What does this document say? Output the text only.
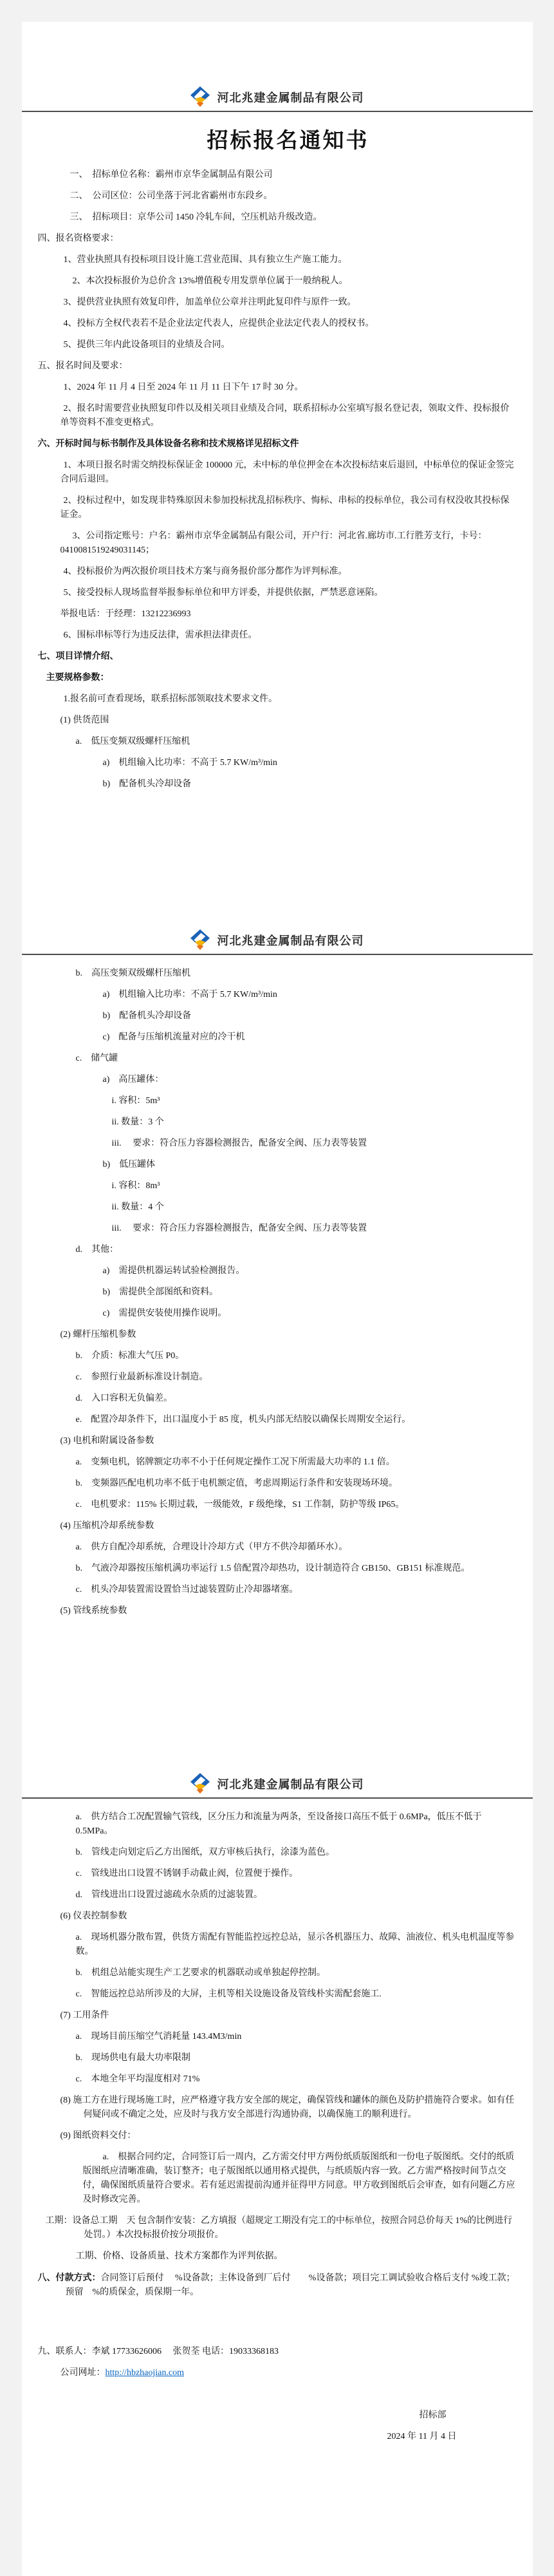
河北兆建金属制品有限公司
招标报名通知书

一、　招标单位名称：霸州市京华金属制品有限公司

二、　公司区位：公司坐落于河北省霸州市东段乡。

三、　招标项目：京华公司 1450 冷轧车间，空压机站升级改造。

四、报名资格要求：

1、营业执照具有投标项目设计施工营业范围、具有独立生产施工能力。

　2、本次投标报价为总价含 13%增值税专用发票单位属于一般纳税人。

3、提供营业执照有效复印件，加盖单位公章并注明此复印件与原件一致。

4、投标方全权代表若不是企业法定代表人，应提供企业法定代表人的授权书。

5、提供三年内此设备项目的业绩及合同。

五、报名时间及要求：

1、2024 年 11 月 4 日至 2024 年 11 月 11 日下午 17 时 30 分。

2、报名时需要营业执照复印件以及相关项目业绩及合同，联系招标办公室填写报名登记表，领取文件、投标报价单等资料不准变更格式。

六、开标时间与标书制作及具体设备名称和技术规格详见招标文件

1、本项日报名时需交纳投标保证金 100000 元，未中标的单位押金在本次投标结束后退回，中标单位的保证金签完合同后退回。

2、投标过程中，如发现非特殊原因未参加投标扰乱招标秩序、悔标、串标的投标单位，我公司有权没收其投标保证金。

　3、公司指定账号：户名：霸州市京华金属制品有限公司，开户行：河北省.廊坊市.工行胜芳支行，卡号：0410081519249031145；

4、投标报价为两次报价项目技术方案与商务报价部分都作为评判标准。

5、接受投标人现场监督举报参标单位和甲方评委，并提供依据，严禁恶意诬陷。

举报电话：于经理：13212236993

6、围标串标等行为违反法律，需承担法律责任。

七、项目详情介绍、

主要规格参数：

1.报名前可查看现场，联系招标部领取技术要求文件。

(1) 供货范围

a.　低压变频双级螺杆压缩机

a)　机组输入比功率：不高于 5.7 KW/m³/min

b)　配备机头冷却设备

河北兆建金属制品有限公司

b.　高压变频双级螺杆压缩机

a)　机组输入比功率：不高于 5.7 KW/m³/min

b)　配备机头冷却设备

c)　配备与压缩机流量对应的冷干机

c.　储气罐

a)　高压罐体：

i. 容积：5m³

ii. 数量：3 个

iii.　 要求：符合压力容器检测报告，配备安全阀、压力表等装置

b)　低压罐体

i. 容积：8m³

ii. 数量：4 个

iii.　 要求：符合压力容器检测报告，配备安全阀、压力表等装置

d.　其他：

a)　需提供机器运转试验检测报告。

b)　需提供全部图纸和资料。

c)　需提供安装使用操作说明。

(2) 螺杆压缩机参数

b.　介质：标准大气压 P0。

c.　参照行业最新标准设计制造。

d.　入口容积无负偏差。

e.　配置冷却条件下，出口温度小于 85 度，机头内部无结胶以确保长周期安全运行。

(3) 电机和附属设备参数

a.　变频电机，铭牌额定功率不小于任何规定操作工况下所需最大功率的 1.1 倍。

b.　变频器匹配电机功率不低于电机额定值，考虑周期运行条件和安装现场环境。

c.　电机要求：115% 长期过载，一级能效，F 级绝缘，S1 工作制，防护等级 IP65。

(4) 压缩机冷却系统参数

a.　供方自配冷却系统，合理设计冷却方式（甲方不供冷却循环水）。

b.　气液冷却器按压缩机满功率运行 1.5 倍配置冷却热功，设计制造符合 GB150、GB151 标准规范。

c.　机头冷却装置需设置恰当过滤装置防止冷却器堵塞。

(5) 管线系统参数

河北兆建金属制品有限公司

a.　供方结合工况配置输气管线，区分压力和流量为两条，至设备接口高压不低于 0.6MPa，低压不低于 0.5MPa。

b.　管线走向划定后乙方出图纸，双方审核后执行，涂漆为蓝色。

c.　管线进出口设置不锈钢手动截止阀，位置便于操作。

d.　管线进出口设置过滤疏水杂质的过滤装置。

(6) 仪表控制参数

a.　现场机器分散布置，供货方需配有智能监控远控总站，显示各机器压力、故障、油液位、机头电机温度等参数。

b.　机组总站能实现生产工艺要求的机器联动或单独起停控制。

c.　智能远控总站所涉及的大屏，主机等相关设施设备及管线朴实需配套施工.

(7) 工用条件

a.　现场目前压缩空气消耗量 143.4M3/min

b.　现场供电有最大功率限制

c.　本地全年平均湿度相对 71%

(8) 施工方在进行现场施工时，应严格遵守我方安全部的规定，确保管线和罐体的颜色及防护措施符合要求。如有任何疑问或不确定之处，应及时与我方安全部进行沟通协商，以确保施工的顺利进行。

(9) 图纸资料交付：

a.　根据合同约定，合同签订后一周内，乙方需交付甲方两份纸质版图纸和一份电子版图纸。交付的纸质版图纸应清晰准确，装订整齐；电子版图纸以通用格式提供，与纸质版内容一致。乙方需严格按时间节点交付，确保图纸质量符合要求。若有延迟需提前沟通并征得甲方同意。甲方收到图纸后会审查，如有问题乙方应及时修改完善。

工期：设备总工期　天 包含制作安装：乙方填报（超规定工期没有完工的中标单位，按照合同总价每天 1%的比例进行处罚。）本次投标报价按分项报价。

工期、价格、设备质量、技术方案都作为评判依据。

八、付款方式：合同签订后预付　 %设备款；主体设备到厂后付　　%设备款；项目完工调试验收合格后支付 %竣工款；预留　%的质保金，质保期一年。

九、联系人：李斌 17733626006　 张贺荃 电话：19033368183

公司网址：http://hbzhaojian.com

招标部

2024 年 11 月 4 日
